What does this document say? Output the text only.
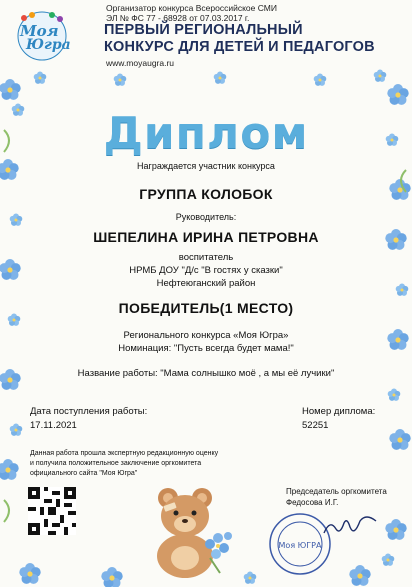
Моя
Югра
Организатор конкурса Всероссийское СМИ
ЭЛ № ФС 77 - 68928 от 07.03.2017 г.
ПЕРВЫЙ РЕГИОНАЛЬНЫЙ
КОНКУРС ДЛЯ ДЕТЕЙ И ПЕДАГОГОВ
www.moyaugra.ru
Диплом
Награждается участник конкурса
ГРУППА КОЛОБОК
Руководитель:
ШЕПЕЛИНА ИРИНА ПЕТРОВНА
воспитатель
НРМБ ДОУ "Д/с "В гостях у сказки"
Нефтеюганский район
ПОБЕДИТЕЛЬ(1 МЕСТО)
Регионального конкурса «Моя Югра»
Номинация: "Пусть всегда будет мама!"
Название работы: "Мама солнышко моё , а мы её лучики"
Дата поступления работы:
17.11.2021
Номер диплома:
52251
Данная работа прошла экспертную редакционную оценку
и получила положительное заключение оргкомитета
официального сайта "Моя Югра"
Председатель оргкомитета
Федосова И.Г.
Моя ЮГРА
